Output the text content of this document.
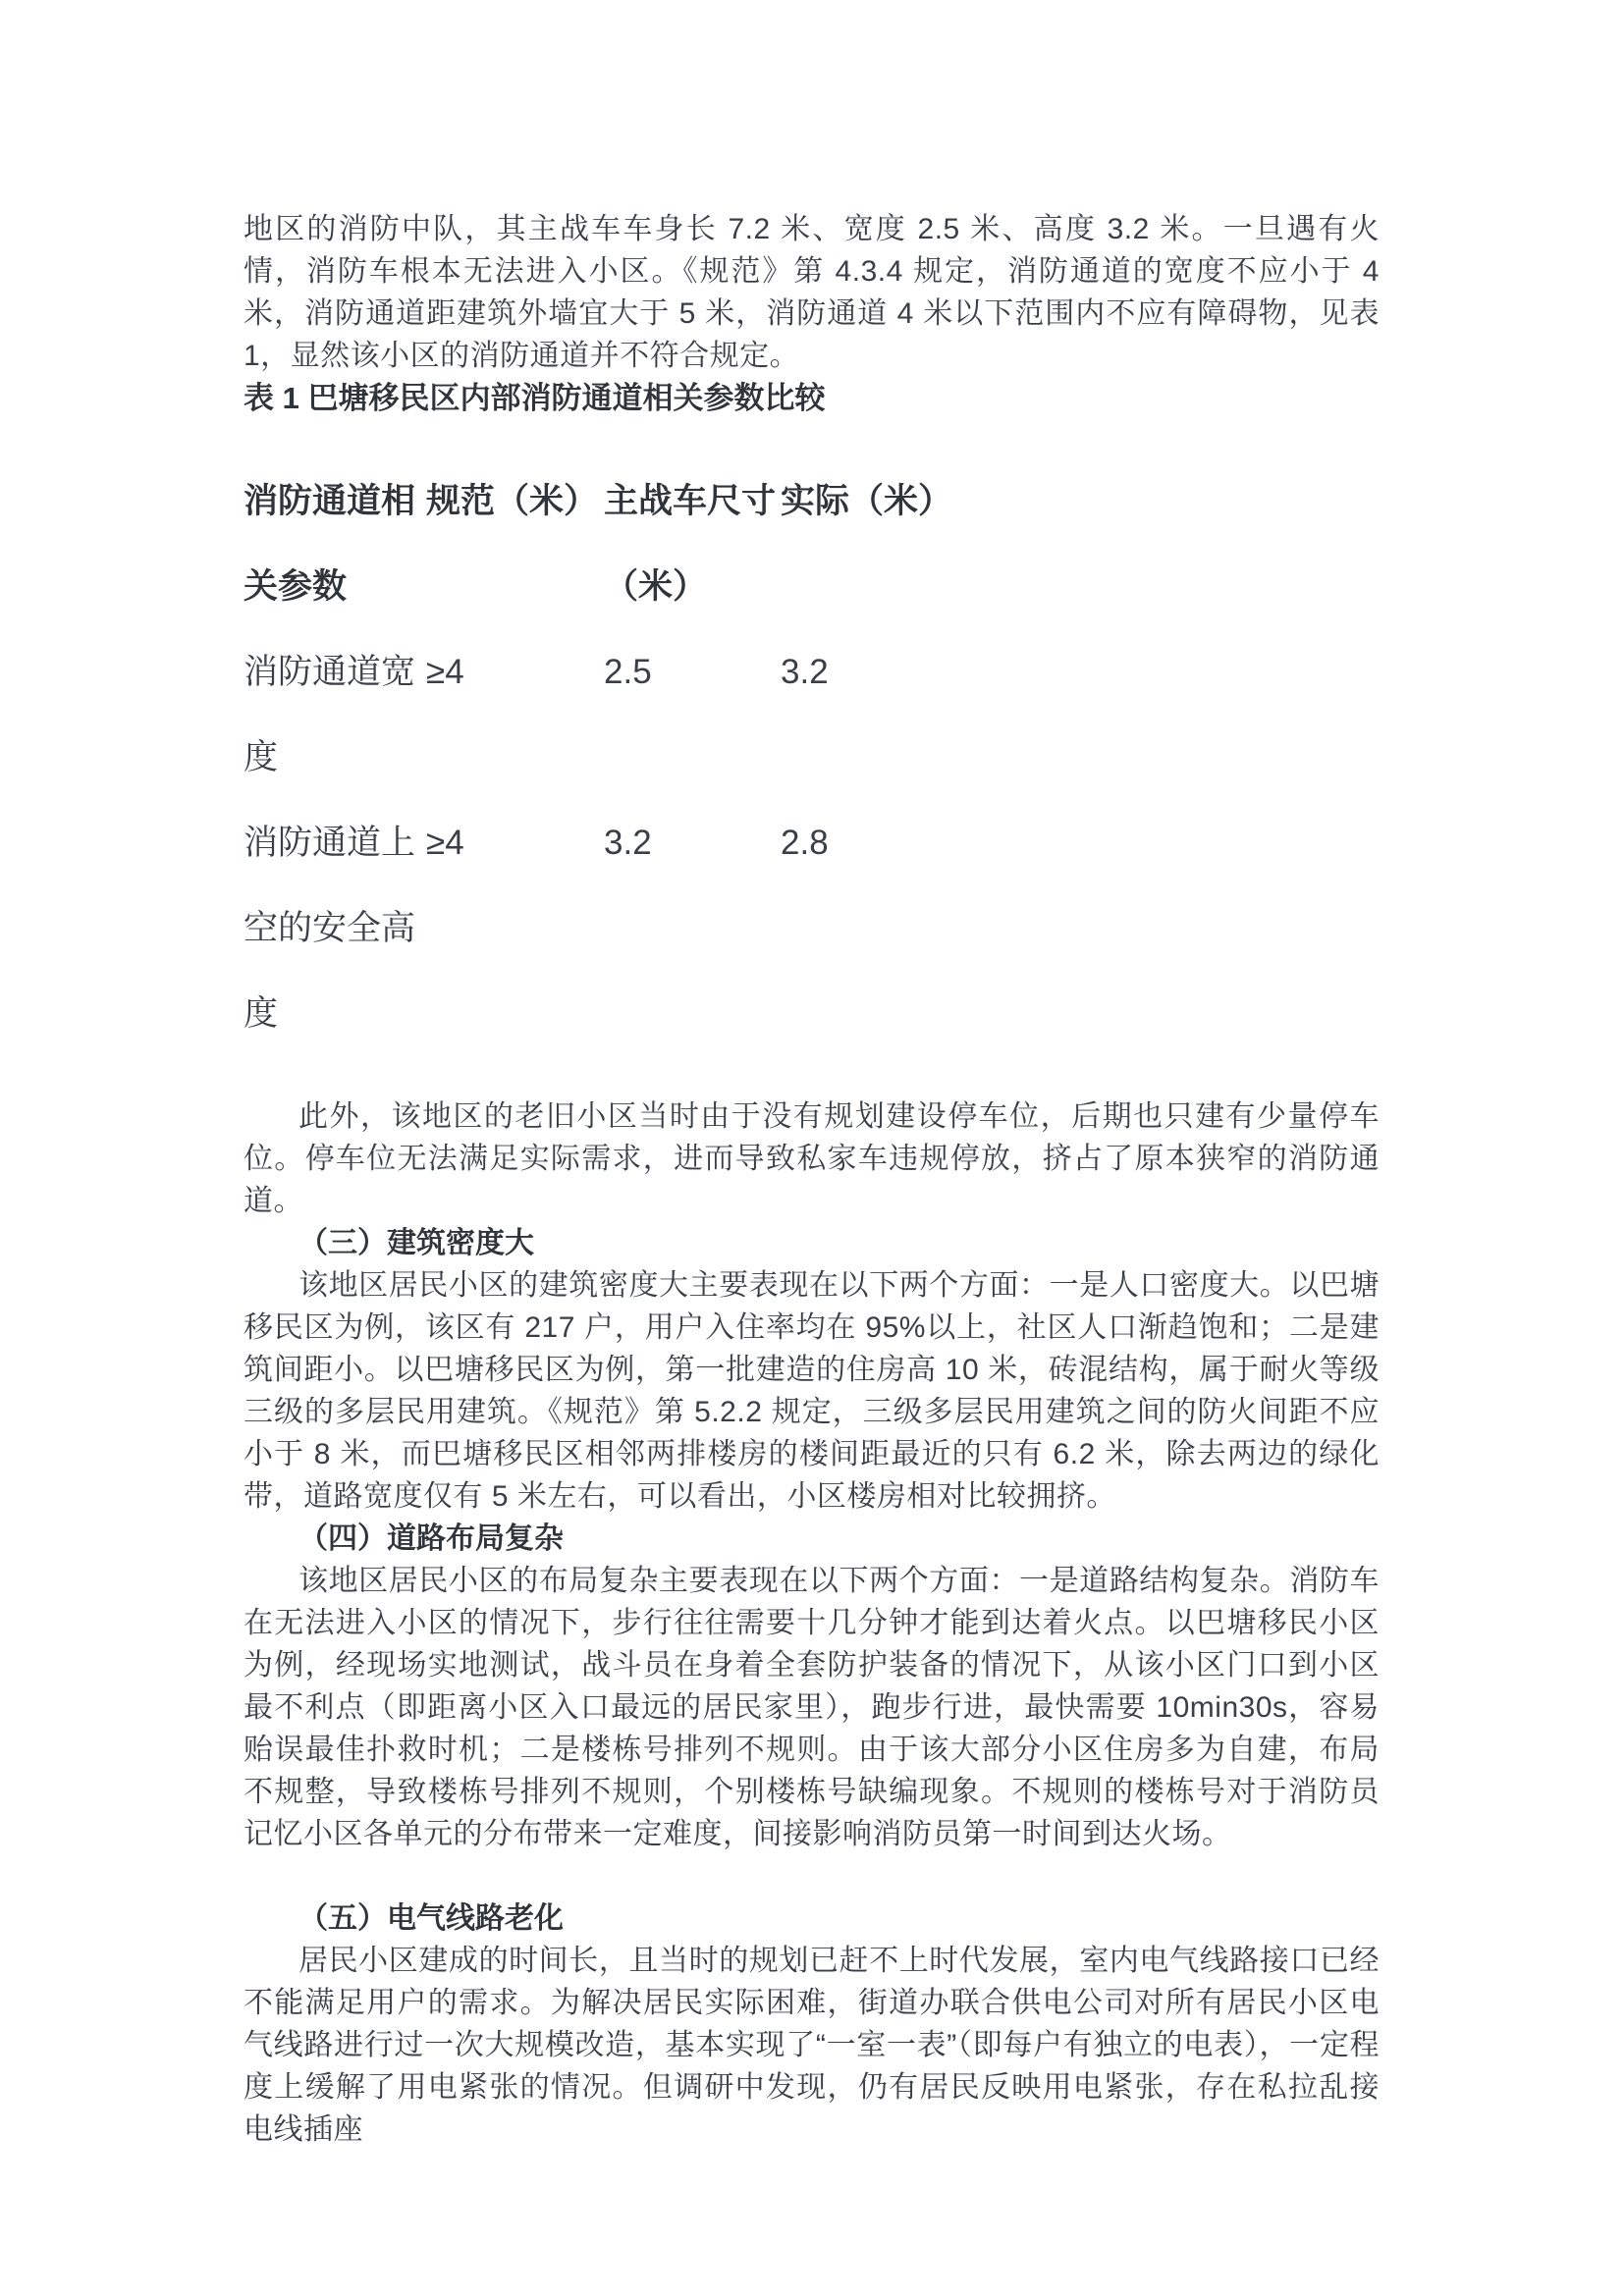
地区的消防中队，其主战车车身长 7.2 米、宽度 2.5 米、高度 3.2 米。一旦遇有火情，消防车根本无法进入小区。《规范》第 4.3.4 规定，消防通道的宽度不应小于 4 米，消防通道距建筑外墙宜大于 5 米，消防通道 4 米以下范围内不应有障碍物，见表 1，显然该小区的消防通道并不符合规定。

表 1 巴塘移民区内部消防通道相关参数比较

消防通道相关参数	规范（米）	主战车尺寸（米）	实际（米）
消防通道宽度	≥4	2.5	3.2
消防通道上空的安全高度	≥4	3.2	2.8

此外，该地区的老旧小区当时由于没有规划建设停车位，后期也只建有少量停车位。停车位无法满足实际需求，进而导致私家车违规停放，挤占了原本狭窄的消防通道。

（三）建筑密度大

该地区居民小区的建筑密度大主要表现在以下两个方面：一是人口密度大。以巴塘移民区为例，该区有 217 户，用户入住率均在 95%以上，社区人口渐趋饱和；二是建筑间距小。以巴塘移民区为例，第一批建造的住房高 10 米，砖混结构，属于耐火等级三级的多层民用建筑。《规范》第 5.2.2 规定，三级多层民用建筑之间的防火间距不应小于 8 米，而巴塘移民区相邻两排楼房的楼间距最近的只有 6.2 米，除去两边的绿化带，道路宽度仅有 5 米左右，可以看出，小区楼房相对比较拥挤。

（四）道路布局复杂

该地区居民小区的布局复杂主要表现在以下两个方面：一是道路结构复杂。消防车在无法进入小区的情况下，步行往往需要十几分钟才能到达着火点。以巴塘移民小区为例，经现场实地测试，战斗员在身着全套防护装备的情况下，从该小区门口到小区最不利点（即距离小区入口最远的居民家里），跑步行进，最快需要 10min30s，容易贻误最佳扑救时机；二是楼栋号排列不规则。由于该大部分小区住房多为自建，布局不规整，导致楼栋号排列不规则，个别楼栋号缺编现象。不规则的楼栋号对于消防员记忆小区各单元的分布带来一定难度，间接影响消防员第一时间到达火场。

（五）电气线路老化

居民小区建成的时间长，且当时的规划已赶不上时代发展，室内电气线路接口已经不能满足用户的需求。为解决居民实际困难，街道办联合供电公司对所有居民小区电气线路进行过一次大规模改造，基本实现了“一室一表”（即每户有独立的电表），一定程度上缓解了用电紧张的情况。但调研中发现，仍有居民反映用电紧张，存在私拉乱接电线插座
